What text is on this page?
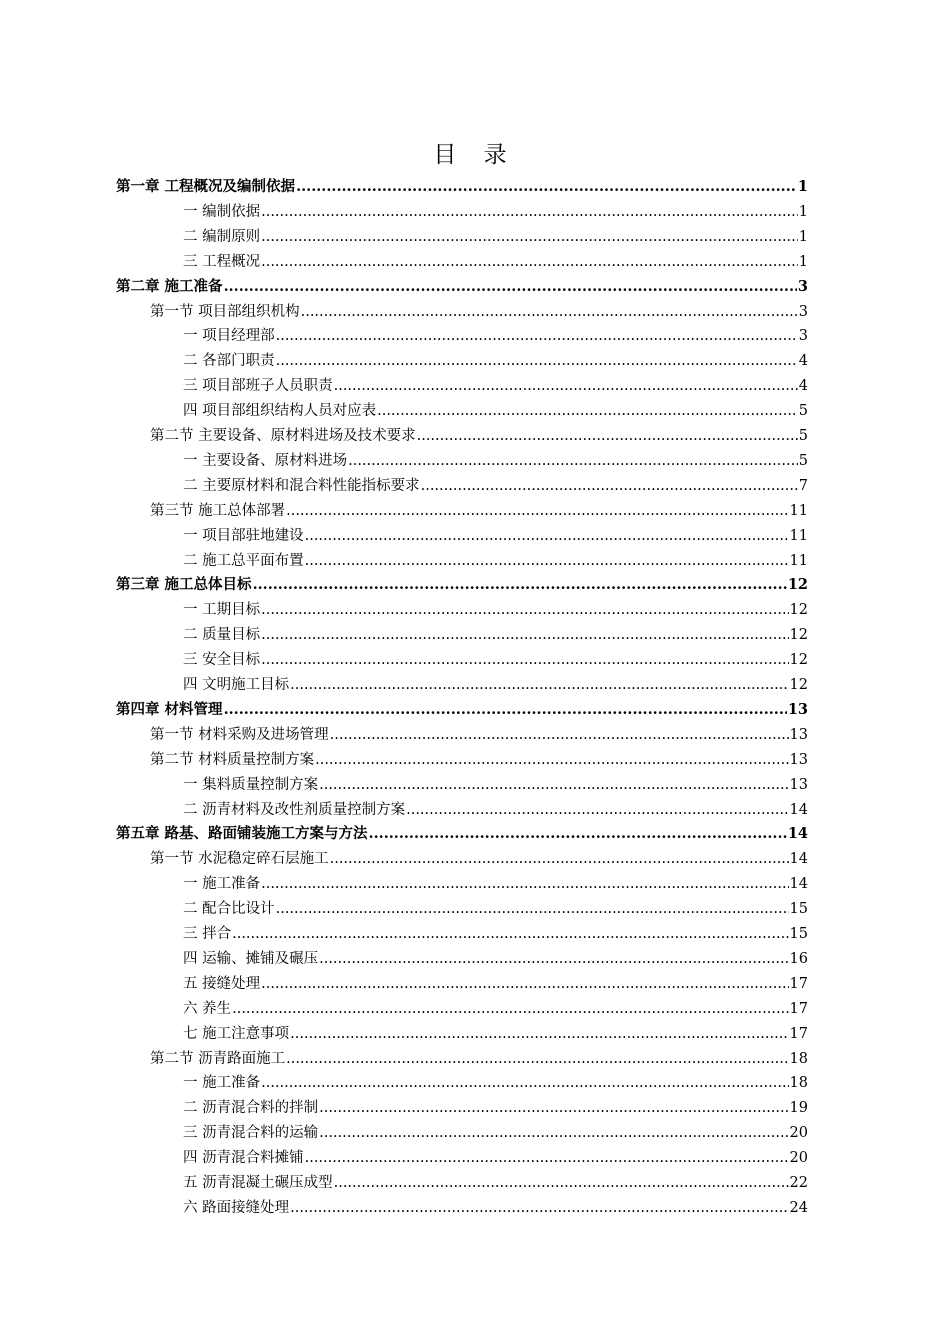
目 录
第一章 工程概况及编制依据 .....	1
一 编制依据 .....	1
二 编制原则 .....	1
三 工程概况 .....	1
第二章 施工准备 .....	3
第一节 项目部组织机构 .....	3
一 项目经理部 .....	3
二 各部门职责 .....	4
三 项目部班子人员职责 .....	4
四 项目部组织结构人员对应表 .....	5
第二节 主要设备、原材料进场及技术要求 .....	5
一 主要设备、原材料进场 .....	5
二 主要原材料和混合料性能指标要求 .....	7
第三节 施工总体部署 .....	11
一 项目部驻地建设 .....	11
二 施工总平面布置 .....	11
第三章 施工总体目标 .....	12
一 工期目标 .....	12
二 质量目标 .....	12
三 安全目标 .....	12
四 文明施工目标 .....	12
第四章 材料管理 .....	13
第一节 材料采购及进场管理 .....	13
第二节 材料质量控制方案 .....	13
一 集料质量控制方案 .....	13
二 沥青材料及改性剂质量控制方案 .....	14
第五章 路基、路面铺装施工方案与方法 .....	14
第一节 水泥稳定碎石层施工 .....	14
一 施工准备 .....	14
二 配合比设计 .....	15
三 拌合 .....	15
四 运输、摊铺及碾压 .....	16
五 接缝处理 .....	17
六 养生 .....	17
七 施工注意事项 .....	17
第二节 沥青路面施工 .....	18
一 施工准备 .....	18
二 沥青混合料的拌制 .....	19
三 沥青混合料的运输 .....	20
四 沥青混合料摊铺 .....	20
五 沥青混凝土碾压成型 .....	22
六 路面接缝处理 .....	24
